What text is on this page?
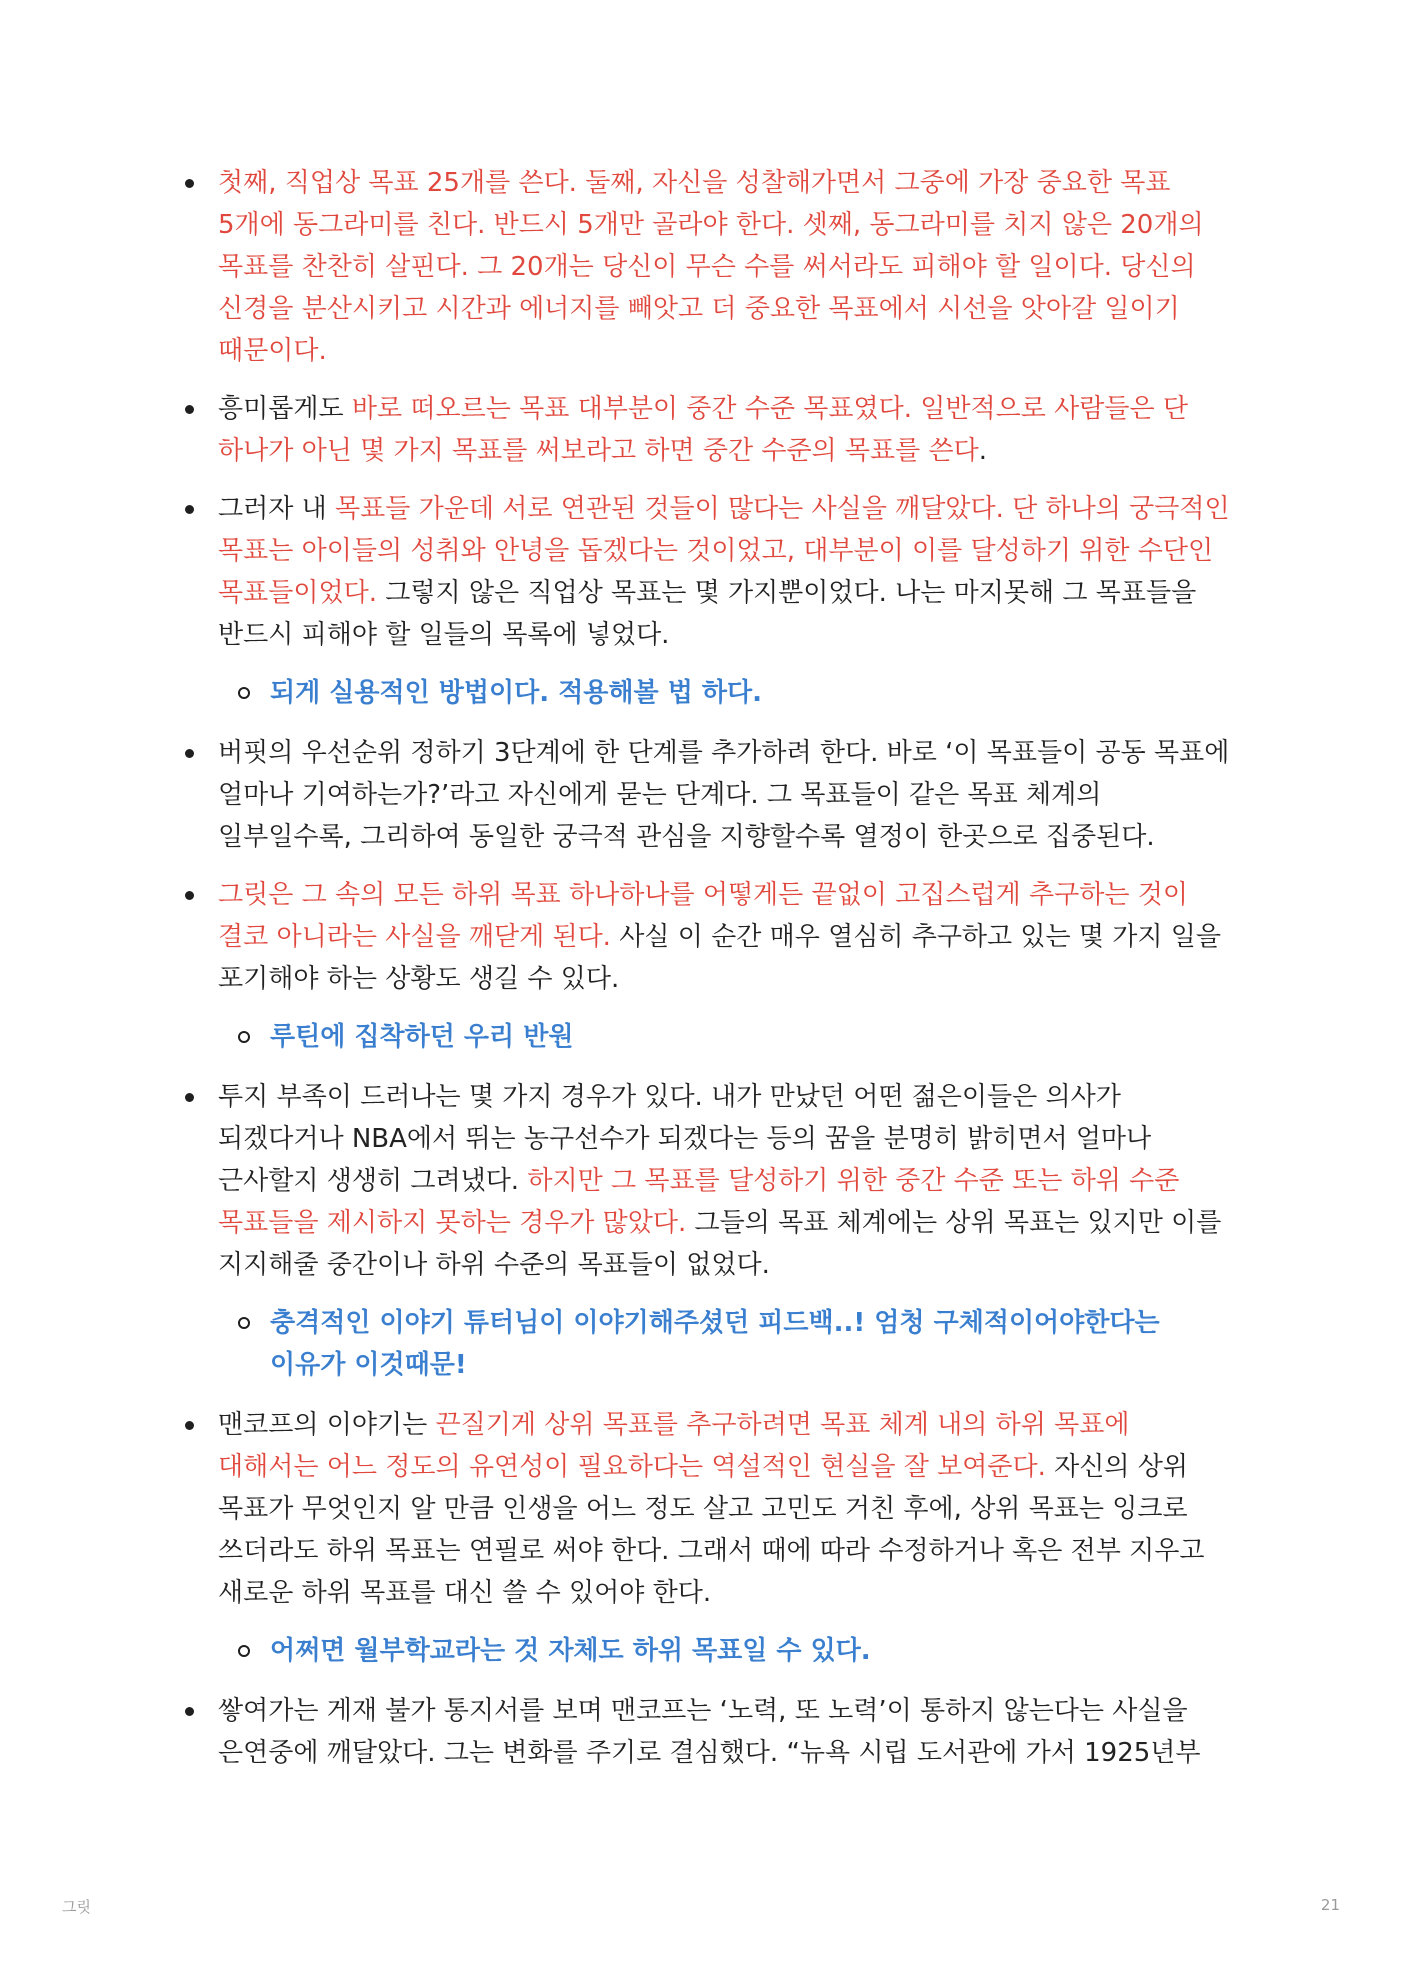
첫째, 직업상 목표 25개를 쓴다. 둘째, 자신을 성찰해가면서 그중에 가장 중요한 목표 5개에 동그라미를 친다. 반드시 5개만 골라야 한다. 셋째, 동그라미를 치지 않은 20개의 목표를 찬찬히 살핀다. 그 20개는 당신이 무슨 수를 써서라도 피해야 할 일이다. 당신의 신경을 분산시키고 시간과 에너지를 빼앗고 더 중요한 목표에서 시선을 앗아갈 일이기 때문이다.
흥미롭게도 바로 떠오르는 목표 대부분이 중간 수준 목표였다. 일반적으로 사람들은 단 하나가 아닌 몇 가지 목표를 써보라고 하면 중간 수준의 목표를 쓴다.
그러자 내 목표들 가운데 서로 연관된 것들이 많다는 사실을 깨달았다. 단 하나의 궁극적인 목표는 아이들의 성취와 안녕을 돕겠다는 것이었고, 대부분이 이를 달성하기 위한 수단인 목표들이었다. 그렇지 않은 직업상 목표는 몇 가지뿐이었다. 나는 마지못해 그 목표들을 반드시 피해야 할 일들의 목록에 넣었다.
되게 실용적인 방법이다. 적용해볼 법 하다.
버핏의 우선순위 정하기 3단계에 한 단계를 추가하려 한다. 바로 ‘이 목표들이 공동 목표에 얼마나 기여하는가?’라고 자신에게 묻는 단계다. 그 목표들이 같은 목표 체계의 일부일수록, 그리하여 동일한 궁극적 관심을 지향할수록 열정이 한곳으로 집중된다.
그릿은 그 속의 모든 하위 목표 하나하나를 어떻게든 끝없이 고집스럽게 추구하는 것이 결코 아니라는 사실을 깨닫게 된다. 사실 이 순간 매우 열심히 추구하고 있는 몇 가지 일을 포기해야 하는 상황도 생길 수 있다.
루틴에 집착하던 우리 반원
투지 부족이 드러나는 몇 가지 경우가 있다. 내가 만났던 어떤 젊은이들은 의사가 되겠다거나 NBA에서 뛰는 농구선수가 되겠다는 등의 꿈을 분명히 밝히면서 얼마나 근사할지 생생히 그려냈다. 하지만 그 목표를 달성하기 위한 중간 수준 또는 하위 수준 목표들을 제시하지 못하는 경우가 많았다. 그들의 목표 체계에는 상위 목표는 있지만 이를 지지해줄 중간이나 하위 수준의 목표들이 없었다.
충격적인 이야기 튜터님이 이야기해주셨던 피드백..! 엄청 구체적이어야한다는 이유가 이것때문!
맨코프의 이야기는 끈질기게 상위 목표를 추구하려면 목표 체계 내의 하위 목표에 대해서는 어느 정도의 유연성이 필요하다는 역설적인 현실을 잘 보여준다. 자신의 상위 목표가 무엇인지 알 만큼 인생을 어느 정도 살고 고민도 거친 후에, 상위 목표는 잉크로 쓰더라도 하위 목표는 연필로 써야 한다. 그래서 때에 따라 수정하거나 혹은 전부 지우고 새로운 하위 목표를 대신 쓸 수 있어야 한다.
어쩌면 월부학교라는 것 자체도 하위 목표일 수 있다.
쌓여가는 게재 불가 통지서를 보며 맨코프는 ‘노력, 또 노력’이 통하지 않는다는 사실을 은연중에 깨달았다. 그는 변화를 주기로 결심했다. “뉴욕 시립 도서관에 가서 1925년부
그릿	21
